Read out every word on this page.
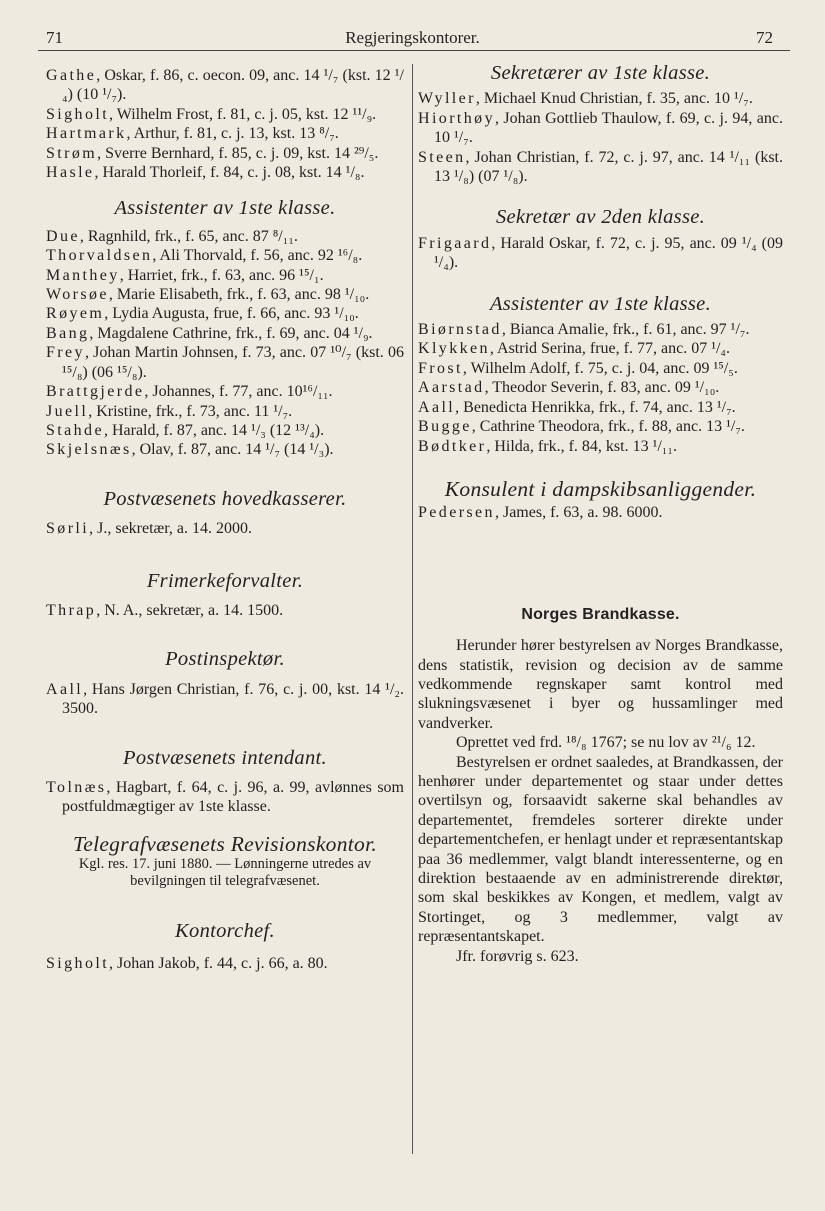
71	Regjeringskontorer.	72

Gathe, Oskar, f. 86, c. oecon. 09, anc. 14 ¹/₇ (kst. 12 ¹/₄) (10 ¹/₇).

Sigholt, Wilhelm Frost, f. 81, c. j. 05, kst. 12 ¹¹/₉.

Hartmark, Arthur, f. 81, c. j. 13, kst. 13 ⁸/₇.

Strøm, Sverre Bernhard, f. 85, c. j. 09, kst. 14 ²⁹/₅.

Hasle, Harald Thorleif, f. 84, c. j. 08, kst. 14 ¹/₈.

Assistenter av 1ste klasse.

Due, Ragnhild, frk., f. 65, anc. 87 ⁸/₁₁.

Thorvaldsen, Ali Thorvald, f. 56, anc. 92 ¹⁶/₈.

Manthey, Harriet, frk., f. 63, anc. 96 ¹⁵/₁.

Worsøe, Marie Elisabeth, frk., f. 63, anc. 98 ¹/₁₀.

Røyem, Lydia Augusta, frue, f. 66, anc. 93 ¹/₁₀.

Bang, Magdalene Cathrine, frk., f. 69, anc. 04 ¹/₉.

Frey, Johan Martin Johnsen, f. 73, anc. 07 ¹⁰/₇ (kst. 06 ¹⁵/₈) (06 ¹⁵/₈).

Brattgjerde, Johannes, f. 77, anc. 10¹⁶/₁₁.

Juell, Kristine, frk., f. 73, anc. 11 ¹/₇.

Stahde, Harald, f. 87, anc. 14 ¹/₃ (12 ¹³/₄).

Skjelsnæs, Olav, f. 87, anc. 14 ¹/₇ (14 ¹/₃).

Postvæsenets hovedkasserer.

Sørli, J., sekretær, a. 14. 2000.

Frimerkeforvalter.

Thrap, N. A., sekretær, a. 14. 1500.

Postinspektør.

Aall, Hans Jørgen Christian, f. 76, c. j. 00, kst. 14 ¹/₂. 3500.

Postvæsenets intendant.

Tolnæs, Hagbart, f. 64, c. j. 96, a. 99, avlønnes som postfuldmægtiger av 1ste klasse.

Telegrafvæsenets Revisionskontor.

Kgl. res. 17. juni 1880. — Lønningerne utredes av bevilgningen til telegrafvæsenet.

Kontorchef.

Sigholt, Johan Jakob, f. 44, c. j. 66, a. 80.

Sekretærer av 1ste klasse.

Wyller, Michael Knud Christian, f. 35, anc. 10 ¹/₇.

Hiorthøy, Johan Gottlieb Thaulow, f. 69, c. j. 94, anc. 10 ¹/₇.

Steen, Johan Christian, f. 72, c. j. 97, anc. 14 ¹/₁₁ (kst. 13 ¹/₈) (07 ¹/₈).

Sekretær av 2den klasse.

Frigaard, Harald Oskar, f. 72, c. j. 95, anc. 09 ¹/₄ (09 ¹/₄).

Assistenter av 1ste klasse.

Biørnstad, Bianca Amalie, frk., f. 61, anc. 97 ¹/₇.

Klykken, Astrid Serina, frue, f. 77, anc. 07 ¹/₄.

Frost, Wilhelm Adolf, f. 75, c. j. 04, anc. 09 ¹⁵/₅.

Aarstad, Theodor Severin, f. 83, anc. 09 ¹/₁₀.

Aall, Benedicta Henrikka, frk., f. 74, anc. 13 ¹/₇.

Bugge, Cathrine Theodora, frk., f. 88, anc. 13 ¹/₇.

Bødtker, Hilda, frk., f. 84, kst. 13 ¹/₁₁.

Konsulent i dampskibsanliggender.

Pedersen, James, f. 63, a. 98. 6000.

Norges Brandkasse.

Herunder hører bestyrelsen av Norges Brandkasse, dens statistik, revision og decision av de samme vedkommende regnskaper samt kontrol med slukningsvæsenet i byer og hussamlinger med vandverker.

Oprettet ved frd. ¹⁸/₈ 1767; se nu lov av ²¹/₆ 12.

Bestyrelsen er ordnet saaledes, at Brandkassen, der henhører under departementet og staar under dettes overtilsyn og, forsaavidt sakerne skal behandles av departementet, fremdeles sorterer direkte under departementchefen, er henlagt under et repræsentantskap paa 36 medlemmer, valgt blandt interessenterne, og en direktion bestaaende av en administrerende direktør, som skal beskikkes av Kongen, et medlem, valgt av Stortinget, og 3 medlemmer, valgt av repræsentantskapet.

Jfr. forøvrig s. 623.
